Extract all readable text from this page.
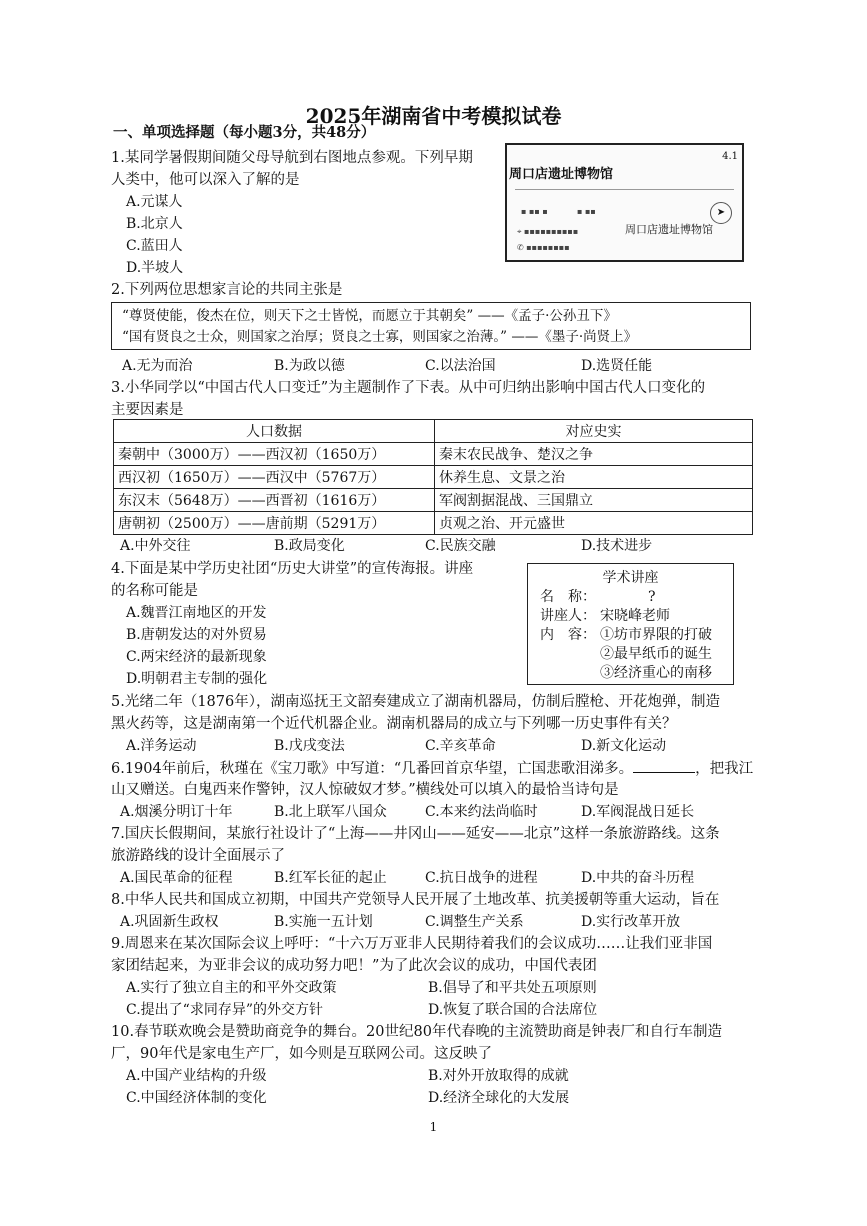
2025年湖南省中考模拟试卷
一、单项选择题（每小题3分，共48分）
1.某同学暑假期间随父母导航到右图地点参观。下列早期
人类中，他可以深入了解的是
A.元谋人
B.北京人
C.蓝田人
D.半坡人
4.1
周口店遗址博物馆
▪ ▪▪ ▪	▪ ▪▪
⌖ ▪▪▪▪▪▪▪▪▪▪
✆ ▪▪▪▪▪▪▪▪
周口店遗址博物馆
➤
2.下列两位思想家言论的共同主张是
“尊贤使能，俊杰在位，则天下之士皆悦，而愿立于其朝矣” ——《孟子·公孙丑下》
“国有贤良之士众，则国家之治厚；贤良之士寡，则国家之治薄。” ——《墨子·尚贤上》
A.无为而治	B.为政以德	C.以法治国	D.选贤任能
3.小华同学以“中国古代人口变迁”为主题制作了下表。从中可归纳出影响中国古代人口变化的
主要因素是
人口数据	对应史实
秦朝中（3000万）——西汉初（1650万）	秦末农民战争、楚汉之争
西汉初（1650万）——西汉中（5767万）	休养生息、文景之治
东汉末（5648万）——西晋初（1616万）	军阀割据混战、三国鼎立
唐朝初（2500万）——唐前期（5291万）	贞观之治、开元盛世
A.中外交往	B.政局变化	C.民族交融	D.技术进步
4.下面是某中学历史社团“历史大讲堂”的宣传海报。讲座
的名称可能是
A.魏晋江南地区的开发
B.唐朝发达的对外贸易
C.两宋经济的最新现象
D.明朝君主专制的强化
学术讲座
名　称：	?
讲座人： 宋晓峰老师
内　容： ①坊市界限的打破
②最早纸币的诞生
③经济重心的南移
5.光绪二年（1876年），湖南巡抚王文韶奏建成立了湖南机器局，仿制后膛枪、开花炮弹，制造
黑火药等，这是湖南第一个近代机器企业。湖南机器局的成立与下列哪一历史事件有关？
A.洋务运动	B.戊戌变法	C.辛亥革命	D.新文化运动
6.1904年前后，秋瑾在《宝刀歌》中写道：“几番回首京华望，亡国悲歌泪涕多。	，把我江
山又赠送。白鬼西来作警钟，汉人惊破奴才梦。”横线处可以填入的最恰当诗句是
A.烟溪分明订十年	B.北上联军八国众	C.本来约法尚临时	D.军阀混战日延长
7.国庆长假期间，某旅行社设计了“上海——井冈山——延安——北京”这样一条旅游路线。这条
旅游路线的设计全面展示了
A.国民革命的征程	B.红军长征的起止	C.抗日战争的进程	D.中共的奋斗历程
8.中华人民共和国成立初期，中国共产党领导人民开展了土地改革、抗美援朝等重大运动，旨在
A.巩固新生政权	B.实施一五计划	C.调整生产关系	D.实行改革开放
9.周恩来在某次国际会议上呼吁：“十六万万亚非人民期待着我们的会议成功……让我们亚非国
家团结起来，为亚非会议的成功努力吧！”为了此次会议的成功，中国代表团
A.实行了独立自主的和平外交政策	B.倡导了和平共处五项原则
C.提出了“求同存异”的外交方针	D.恢复了联合国的合法席位
10.春节联欢晚会是赞助商竞争的舞台。20世纪80年代春晚的主流赞助商是钟表厂和自行车制造
厂，90年代是家电生产厂，如今则是互联网公司。这反映了
A.中国产业结构的升级	B.对外开放取得的成就
C.中国经济体制的变化	D.经济全球化的大发展
1
